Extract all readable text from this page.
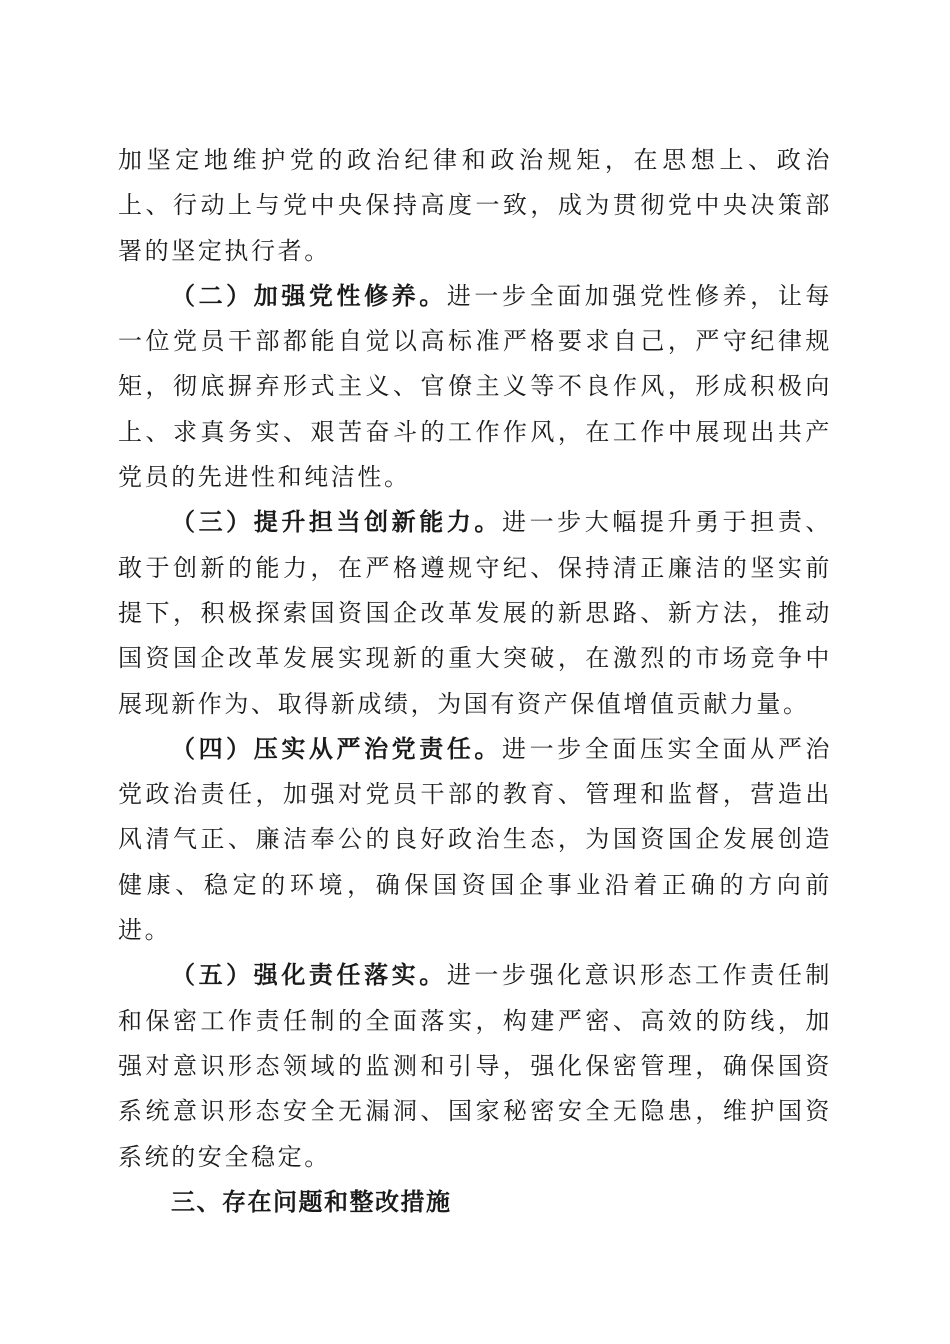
加坚定地维护党的政治纪律和政治规矩，在思想上、政治上、行动上与党中央保持高度一致，成为贯彻党中央决策部署的坚定执行者。

（二）加强党性修养。进一步全面加强党性修养，让每一位党员干部都能自觉以高标准严格要求自己，严守纪律规矩，彻底摒弃形式主义、官僚主义等不良作风，形成积极向上、求真务实、艰苦奋斗的工作作风，在工作中展现出共产党员的先进性和纯洁性。

（三）提升担当创新能力。进一步大幅提升勇于担责、敢于创新的能力，在严格遵规守纪、保持清正廉洁的坚实前提下，积极探索国资国企改革发展的新思路、新方法，推动国资国企改革发展实现新的重大突破，在激烈的市场竞争中展现新作为、取得新成绩，为国有资产保值增值贡献力量。

（四）压实从严治党责任。进一步全面压实全面从严治党政治责任，加强对党员干部的教育、管理和监督，营造出风清气正、廉洁奉公的良好政治生态，为国资国企发展创造健康、稳定的环境，确保国资国企事业沿着正确的方向前进。

（五）强化责任落实。进一步强化意识形态工作责任制和保密工作责任制的全面落实，构建严密、高效的防线，加强对意识形态领域的监测和引导，强化保密管理，确保国资系统意识形态安全无漏洞、国家秘密安全无隐患，维护国资系统的安全稳定。

三、存在问题和整改措施
